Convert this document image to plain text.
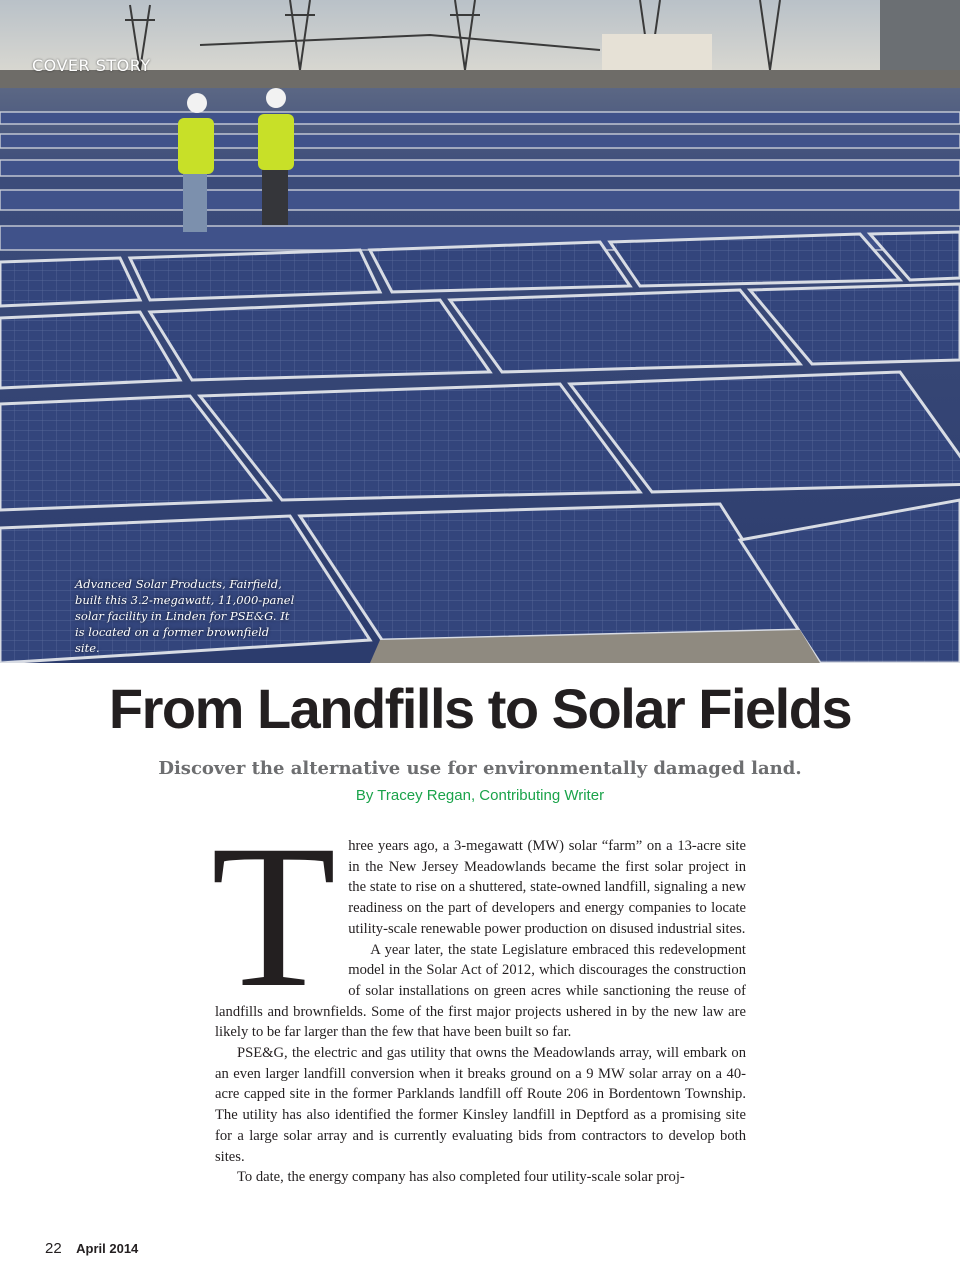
COVER STORY

Advanced Solar Products, Fairfield, built this 3.2-megawatt, 11,000-panel solar facility in Linden for PSE&G. It is located on a former brownfield site.

From Landfills to Solar Fields

Discover the alternative use for environmentally damaged land.

By Tracey Regan, Contributing Writer

T hree years ago, a 3-megawatt (MW) solar “farm” on a 13-acre site in the New Jersey Meadowlands became the first solar project in the state to rise on a shuttered, state-owned landfill, signaling a new readiness on the part of developers and energy companies to locate utility-scale renewable power production on disused industrial sites.

A year later, the state Legislature embraced this redevelopment model in the Solar Act of 2012, which discourages the construction of solar installations on green acres while sanctioning the reuse of landfills and brownfields. Some of the first major projects ushered in by the new law are likely to be far larger than the few that have been built so far.

PSE&G, the electric and gas utility that owns the Meadowlands array, will embark on an even larger landfill conversion when it breaks ground on a 9 MW solar array on a 40-acre capped site in the former Parklands landfill off Route 206 in Bordentown Township. The utility has also identified the former Kinsley landfill in Deptford as a promising site for a large solar array and is currently evaluating bids from contractors to develop both sites.

To date, the energy company has also completed four utility-scale solar proj-

22 April 2014
